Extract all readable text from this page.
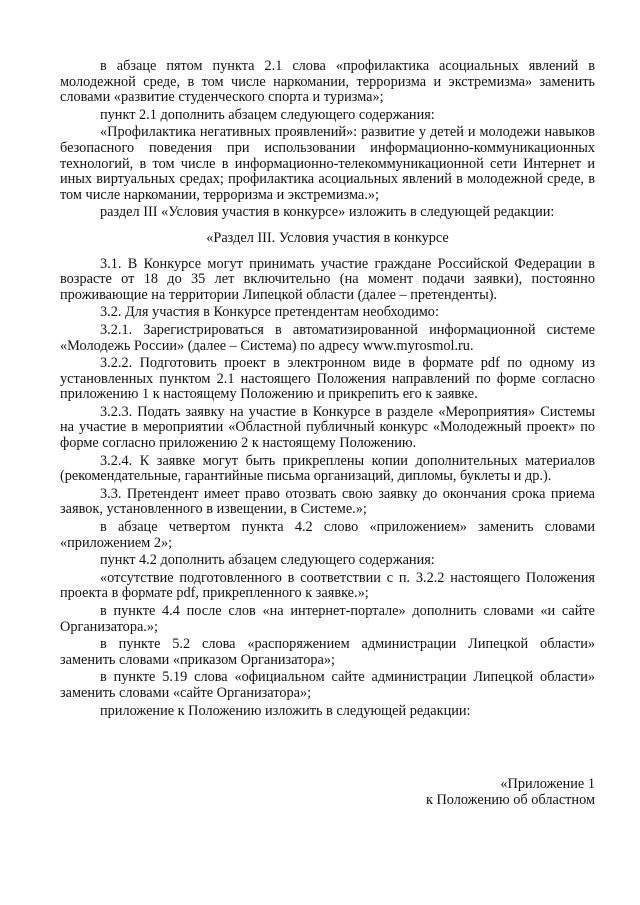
в абзаце пятом пункта 2.1 слова «профилактика асоциальных явлений в молодежной среде, в том числе наркомании, терроризма и экстремизма» заменить словами «развитие студенческого спорта и туризма»;

пункт 2.1 дополнить абзацем следующего содержания:

«Профилактика негативных проявлений»: развитие у детей и молодежи навыков безопасного поведения при использовании информационно-коммуникационных технологий, в том числе в информационно-телекоммуникационной сети Интернет и иных виртуальных средах; профилактика асоциальных явлений в молодежной среде, в том числе наркомании, терроризма и экстремизма.»;

раздел III «Условия участия в конкурсе» изложить в следующей редакции:

«Раздел III. Условия участия в конкурсе

3.1. В Конкурсе могут принимать участие граждане Российской Федерации в возрасте от 18 до 35 лет включительно (на момент подачи заявки), постоянно проживающие на территории Липецкой области (далее – претенденты).

3.2. Для участия в Конкурсе претендентам необходимо:

3.2.1. Зарегистрироваться в автоматизированной информационной системе «Молодежь России» (далее – Система) по адресу www.myrosmol.ru.

3.2.2. Подготовить проект в электронном виде в формате pdf по одному из установленных пунктом 2.1 настоящего Положения направлений по форме согласно приложению 1 к настоящему Положению и прикрепить его к заявке.

3.2.3. Подать заявку на участие в Конкурсе в разделе «Мероприятия» Системы на участие в мероприятии «Областной публичный конкурс «Молодежный проект» по форме согласно приложению 2 к настоящему Положению.

3.2.4. К заявке могут быть прикреплены копии дополнительных материалов (рекомендательные, гарантийные письма организаций, дипломы, буклеты и др.).

3.3. Претендент имеет право отозвать свою заявку до окончания срока приема заявок, установленного в извещении, в Системе.»;

в абзаце четвертом пункта 4.2 слово «приложением» заменить словами «приложением 2»;

пункт 4.2 дополнить абзацем следующего содержания:

«отсутствие подготовленного в соответствии с п. 3.2.2 настоящего Положения проекта в формате pdf, прикрепленного к заявке.»;

в пункте 4.4 после слов «на интернет-портале» дополнить словами «и сайте Организатора.»;

в пункте 5.2 слова «распоряжением администрации Липецкой области» заменить словами «приказом Организатора»;

в пункте 5.19 слова «официальном сайте администрации Липецкой области» заменить словами «сайте Организатора»;

приложение к Положению изложить в следующей редакции:

«Приложение 1

к Положению об областном
